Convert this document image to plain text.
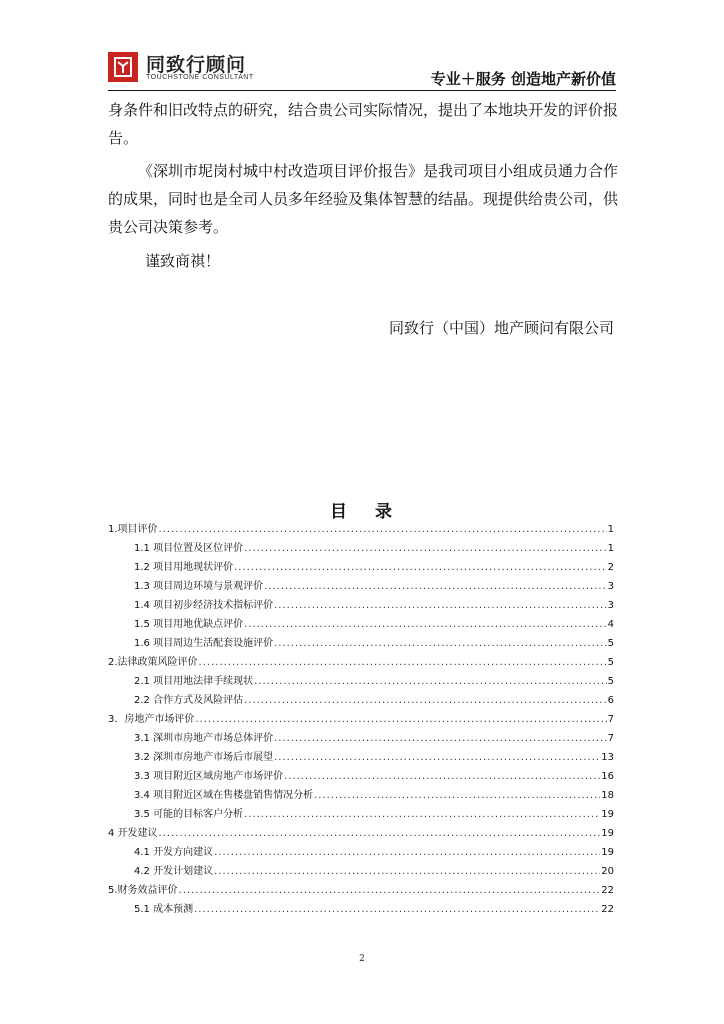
同致行顾问
TOUCHSTONE CONSULTANT	专业＋服务 创造地产新价值

身条件和旧改特点的研究，结合贵公司实际情况，提出了本地块开发的评价报告。

《深圳市坭岗村城中村改造项目评价报告》是我司项目小组成员通力合作的成果，同时也是全司人员多年经验及集体智慧的结晶。现提供给贵公司，供贵公司决策参考。

谨致商祺！

同致行（中国）地产顾问有限公司
目 录
1.项目评价 .....	1
1.1 项目位置及区位评价 .....	1
1.2 项目用地现状评价 .....	2
1.3 项目周边环境与景观评价 .....	3
1.4 项目初步经济技术指标评价 .....	3
1.5 项目用地优缺点评价 .....	4
1.6 项目周边生活配套设施评价 .....	5
2.法律政策风险评价 .....	5
2.1 项目用地法律手续现状 .....	5
2.2 合作方式及风险评估 .....	6
3．房地产市场评价 .....	7
3.1 深圳市房地产市场总体评价 .....	7
3.2 深圳市房地产市场后市展望 .....	13
3.3 项目附近区域房地产市场评价 .....	16
3.4 项目附近区域在售楼盘销售情况分析 .....	18
3.5 可能的目标客户分析 .....	19
4 开发建议 .....	19
4.1 开发方向建议 .....	19
4.2 开发计划建议 .....	20
5.财务效益评价 .....	22
5.1 成本预测 .....	22
2
